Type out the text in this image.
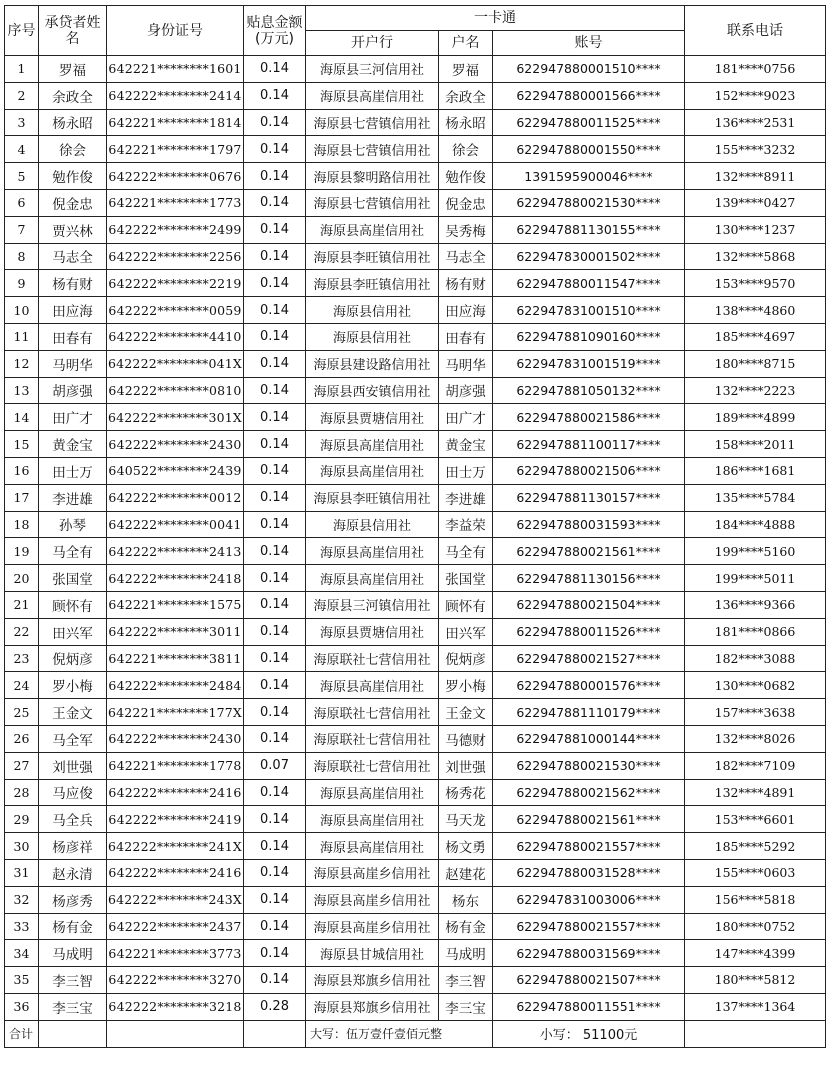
序号	承贷者姓名	身份证号	贴息金额(万元)	一卡通			联系电话
				开户行	户名	账号	
1	罗福	642221********1601	0.14	海原县三河信用社	罗福	622947880001510****	181****0756
2	余政全	642222********2414	0.14	海原县高崖信用社	余政全	622947880001566****	152****9023
3	杨永昭	642221********1814	0.14	海原县七营镇信用社	杨永昭	622947880011525****	136****2531
4	徐会	642221********1797	0.14	海原县七营镇信用社	徐会	622947880001550****	155****3232
5	勉作俊	642222********0676	0.14	海原县黎明路信用社	勉作俊	1391595900046****	132****8911
6	倪金忠	642221********1773	0.14	海原县七营镇信用社	倪金忠	622947880021530****	139****0427
7	贾兴林	642222********2499	0.14	海原县高崖信用社	吴秀梅	622947881130155****	130****1237
8	马志全	642222********2256	0.14	海原县李旺镇信用社	马志全	622947830001502****	132****5868
9	杨有财	642222********2219	0.14	海原县李旺镇信用社	杨有财	622947880011547****	153****9570
10	田应海	642222********0059	0.14	海原县信用社	田应海	622947831001510****	138****4860
11	田春有	642222********4410	0.14	海原县信用社	田春有	622947881090160****	185****4697
12	马明华	642222********041X	0.14	海原县建设路信用社	马明华	622947831001519****	180****8715
13	胡彦强	642222********0810	0.14	海原县西安镇信用社	胡彦强	622947881050132****	132****2223
14	田广才	642222********301X	0.14	海原县贾塘信用社	田广才	622947880021586****	189****4899
15	黄金宝	642222********2430	0.14	海原县高崖信用社	黄金宝	622947881100117****	158****2011
16	田士万	640522********2439	0.14	海原县高崖信用社	田士万	622947880021506****	186****1681
17	李进雄	642222********0012	0.14	海原县李旺镇信用社	李进雄	622947881130157****	135****5784
18	孙琴	642222********0041	0.14	海原县信用社	李益荣	622947880031593****	184****4888
19	马全有	642222********2413	0.14	海原县高崖信用社	马全有	622947880021561****	199****5160
20	张国堂	642222********2418	0.14	海原县高崖信用社	张国堂	622947881130156****	199****5011
21	顾怀有	642221********1575	0.14	海原县三河镇信用社	顾怀有	622947880021504****	136****9366
22	田兴军	642222********3011	0.14	海原县贾塘信用社	田兴军	622947880011526****	181****0866
23	倪炳彦	642221********3811	0.14	海原联社七营信用社	倪炳彦	622947880021527****	182****3088
24	罗小梅	642222********2484	0.14	海原县高崖信用社	罗小梅	622947880001576****	130****0682
25	王金文	642221********177X	0.14	海原联社七营信用社	王金文	622947881110179****	157****3638
26	马全军	642222********2430	0.14	海原联社七营信用社	马德财	622947881000144****	132****8026
27	刘世强	642221********1778	0.07	海原联社七营信用社	刘世强	622947880021530****	182****7109
28	马应俊	642222********2416	0.14	海原县高崖信用社	杨秀花	622947880021562****	132****4891
29	马全兵	642222********2419	0.14	海原县高崖信用社	马天龙	622947880021561****	153****6601
30	杨彦祥	642222********241X	0.14	海原县高崖信用社	杨文勇	622947880021557****	185****5292
31	赵永清	642222********2416	0.14	海原县高崖乡信用社	赵建花	622947880031528****	155****0603
32	杨彦秀	642222********243X	0.14	海原县高崖乡信用社	杨东	622947831003006****	156****5818
33	杨有金	642222********2437	0.14	海原县高崖乡信用社	杨有金	622947880021557****	180****0752
34	马成明	642221********3773	0.14	海原县甘城信用社	马成明	622947880031569****	147****4399
35	李三智	642222********3270	0.14	海原县郑旗乡信用社	李三智	622947880021507****	180****5812
36	李三宝	642222********3218	0.28	海原县郑旗乡信用社	李三宝	622947880011551****	137****1364
合计				大写：伍万壹仟壹佰元整		小写： 51100元	
